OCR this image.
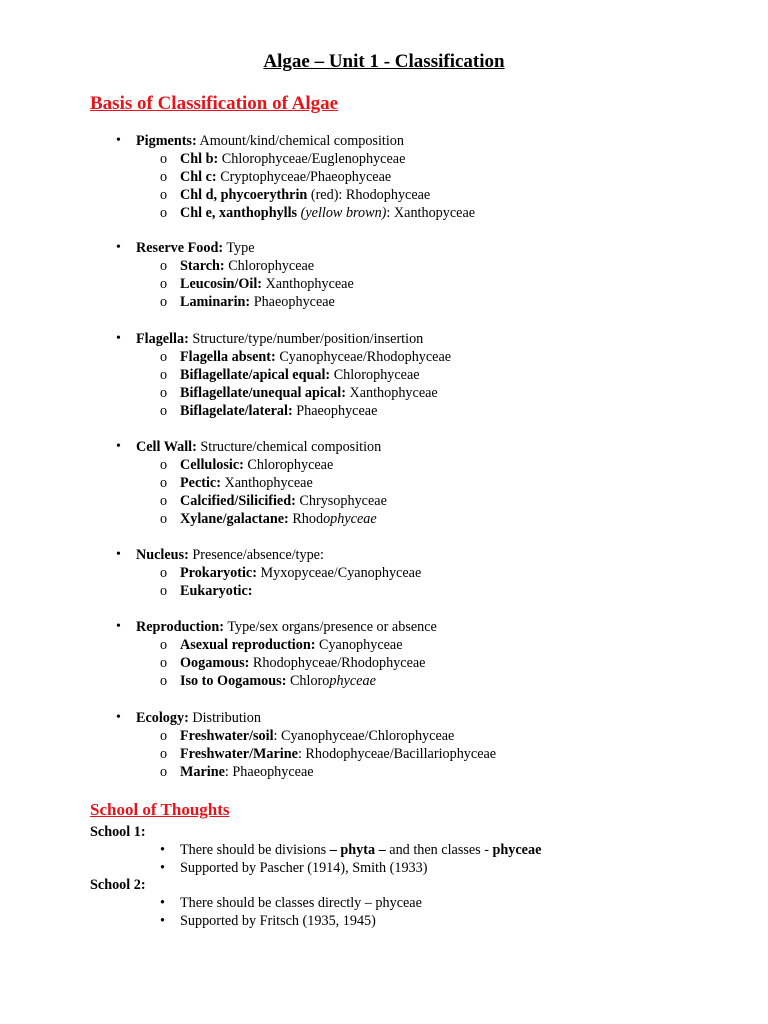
Algae – Unit 1 - Classification
Basis of Classification of Algae
• Pigments: Amount/kind/chemical composition
o Chl b: Chlorophyceae/Euglenophyceae
o Chl c: Cryptophyceae/Phaeophyceae
o Chl d, phycoerythrin (red): Rhodophyceae
o Chl e, xanthophylls (yellow brown): Xanthopyceae
• Reserve Food: Type
o Starch: Chlorophyceae
o Leucosin/Oil: Xanthophyceae
o Laminarin: Phaeophyceae
• Flagella: Structure/type/number/position/insertion
o Flagella absent: Cyanophyceae/Rhodophyceae
o Biflagellate/apical equal: Chlorophyceae
o Biflagellate/unequal apical: Xanthophyceae
o Biflagelate/lateral: Phaeophyceae
• Cell Wall: Structure/chemical composition
o Cellulosic: Chlorophyceae
o Pectic: Xanthophyceae
o Calcified/Silicified: Chrysophyceae
o Xylane/galactane: Rhodophyceae
• Nucleus: Presence/absence/type:
o Prokaryotic: Myxopyceae/Cyanophyceae
o Eukaryotic:
• Reproduction: Type/sex organs/presence or absence
o Asexual reproduction: Cyanophyceae
o Oogamous: Rhodophyceae/Rhodophyceae
o Iso to Oogamous: Chlorophyceae
• Ecology: Distribution
o Freshwater/soil: Cyanophyceae/Chlorophyceae
o Freshwater/Marine: Rhodophyceae/Bacillariophyceae
o Marine: Phaeophyceae
School of Thoughts
School 1:
• There should be divisions – phyta – and then classes - phyceae
• Supported by Pascher (1914), Smith (1933)
School 2:
• There should be classes directly – phyceae
• Supported by Fritsch (1935, 1945)
